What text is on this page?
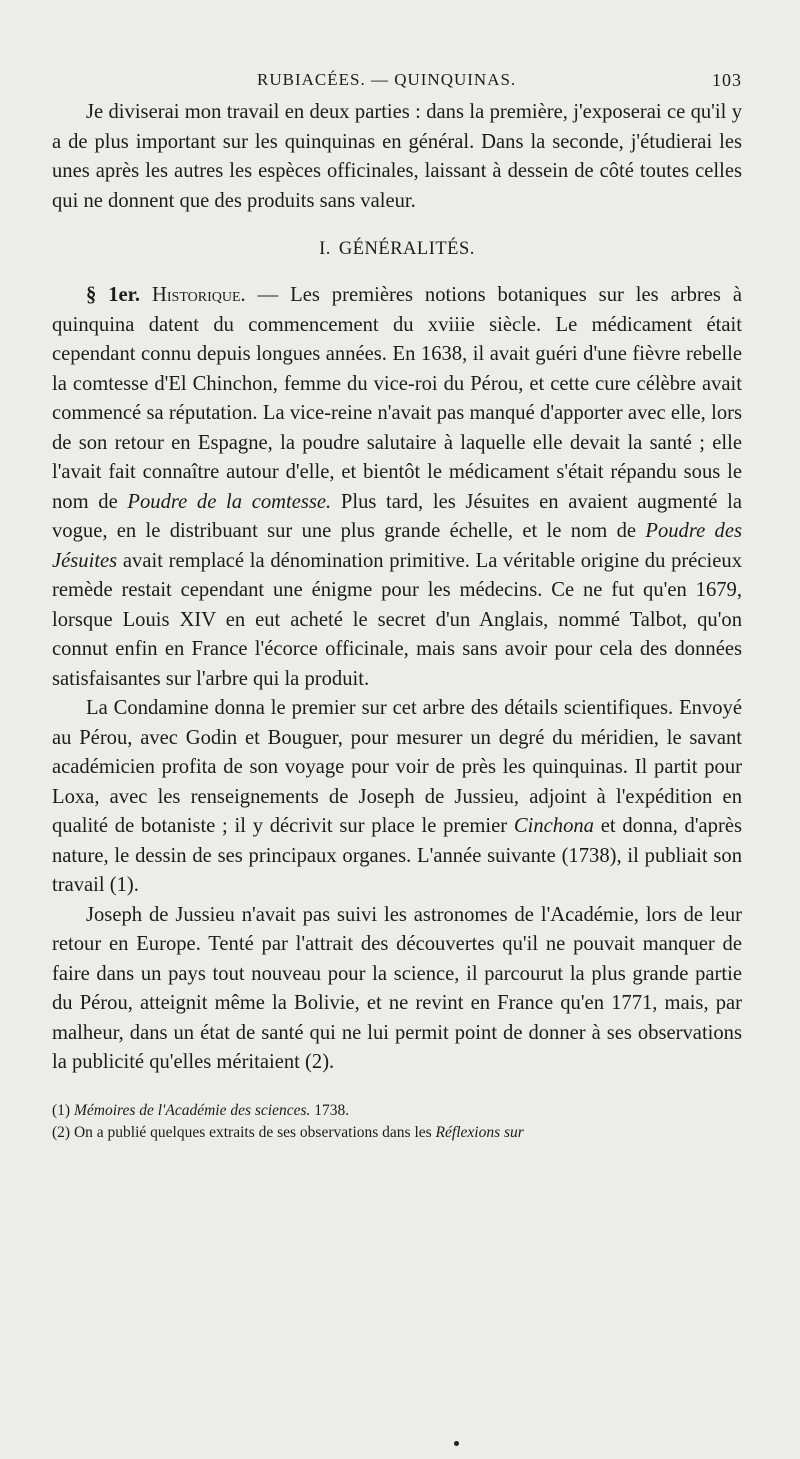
RUBIACÉES. — QUINQUINAS.	103

Je diviserai mon travail en deux parties : dans la première, j'exposerai ce qu'il y a de plus important sur les quinquinas en général. Dans la seconde, j'étudierai les unes après les autres les espèces officinales, laissant à dessein de côté toutes celles qui ne donnent que des produits sans valeur.

I. GÉNÉRALITÉS.

§ 1er. Historique. — Les premières notions botaniques sur les arbres à quinquina datent du commencement du xviiie siècle. Le médicament était cependant connu depuis longues années. En 1638, il avait guéri d'une fièvre rebelle la comtesse d'El Chinchon, femme du vice-roi du Pérou, et cette cure célèbre avait commencé sa réputation. La vice-reine n'avait pas manqué d'apporter avec elle, lors de son retour en Espagne, la poudre salutaire à laquelle elle devait la santé ; elle l'avait fait connaître autour d'elle, et bientôt le médicament s'était répandu sous le nom de Poudre de la comtesse. Plus tard, les Jésuites en avaient augmenté la vogue, en le distribuant sur une plus grande échelle, et le nom de Poudre des Jésuites avait remplacé la dénomination primitive. La véritable origine du précieux remède restait cependant une énigme pour les médecins. Ce ne fut qu'en 1679, lorsque Louis XIV en eut acheté le secret d'un Anglais, nommé Talbot, qu'on connut enfin en France l'écorce officinale, mais sans avoir pour cela des données satisfaisantes sur l'arbre qui la produit.

La Condamine donna le premier sur cet arbre des détails scientifiques. Envoyé au Pérou, avec Godin et Bouguer, pour mesurer un degré du méridien, le savant académicien profita de son voyage pour voir de près les quinquinas. Il partit pour Loxa, avec les renseignements de Joseph de Jussieu, adjoint à l'expédition en qualité de botaniste ; il y décrivit sur place le premier Cinchona et donna, d'après nature, le dessin de ses principaux organes. L'année suivante (1738), il publiait son travail (1).

Joseph de Jussieu n'avait pas suivi les astronomes de l'Académie, lors de leur retour en Europe. Tenté par l'attrait des découvertes qu'il ne pouvait manquer de faire dans un pays tout nouveau pour la science, il parcourut la plus grande partie du Pérou, atteignit même la Bolivie, et ne revint en France qu'en 1771, mais, par malheur, dans un état de santé qui ne lui permit point de donner à ses observations la publicité qu'elles méritaient (2).

(1) Mémoires de l'Académie des sciences. 1738.
(2) On a publié quelques extraits de ses observations dans les Réflexions sur
